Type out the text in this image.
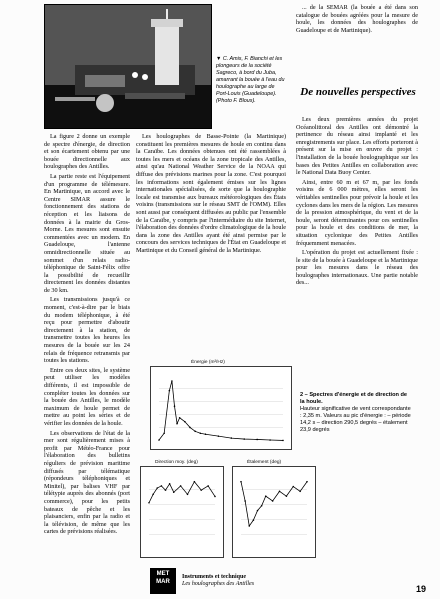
▼ C. Amis, F. Bianchi et les plongeurs de la société Sagreco, à bord du Juba, amarrant la bouée à l'eau du houlographe au large de Port-Louis (Guadeloupe). (Photo F. Blous).

La figure 2 donne un exemple de spectre d'énergie, de direction et son écartement obtenu par une bouée directionnelle aux houlographes des Antilles.

La partie reste est l'équipement d'un programme de télémesure. En Martinique, un accord avec le Centre SIMAR assure le fonctionnement des stations de réception et les liaisons de données à la mairie du Gros-Morne. Les mesures sont ensuite commentées avec un modem. En Guadeloupe, l'antenne omnidirectionnelle située au sommet d'un relais radio-téléphonique de Saint-Félix offre la possibilité de recueillir directement les données distantes de 30 km.

Les transmissions jusqu'à ce moment, c'est-à-dire par le biais du modem téléphonique, à été reçu pour permettre d'aboutir directement à la station, de transmettre toutes les heures les mesures de la bouée sur les 24 relais de fréquence retransmis par toutes les stations.

Entre ces deux sites, le système peut utiliser les modèles différents, il est impossible de compléter toutes les données sur la bouée des Antilles, le modèle maximum de houle permet de mettre au point les séries et de vérifier les données de la houle.

Les observations de l'état de la mer sont régulièrement mises à profit par Météo-France pour l'élaboration des bulletins réguliers de prévision maritime diffusés par télématique (répondeurs téléphoniques et Minitel), par balises VHF par télétypie auprès des abonnés (port commerce), pour les petits bateaux de pêche et les plaisanciers, enfin par la radio et la télévision, de même que les cartes de prévisions réalisées.

Les houlographes de Basse-Pointe (la Martinique) constituent les premières mesures de houle en continu dans la Caraïbe. Les données obtenues ont été rassemblées à toutes les mers et océans de la zone tropicale des Antilles, ainsi qu'au National Weather Service de la NOAA qui diffuse des prévisions marines pour la zone. C'est pourquoi les informations sont également émises sur les lignes internationales spécialisées, de sorte que la houlographie locale est transmise aux bureaux météorologiques des États voisins (transmissions sur le réseau SMT de l'OMM). Elles sont aussi par conséquent diffusées au public par l'ensemble de la Caraïbe, y compris par l'intermédiaire du site Internet, l'élaboration des données d'ordre climatologique de la houle dans la zone des Antilles ayant été ainsi permise par le concours des services techniques de l'État en Guadeloupe et Martinique et du Conseil général de la Martinique.

... de la SEMAR (la bouée a été dans son catalogue de bouées agréées pour la mesure de houle, les données des houlographes de Guadeloupe et de Martinique).

De nouvelles perspectives

Les deux premières années du projet Océanolittoral des Antilles ont démontré la pertinence du réseau ainsi implanté et les enregistrements sur place. Les efforts porteront à présent sur la mise en œuvre du projet : l'installation de la bouée houlographique sur les bases des Petites Antilles en collaboration avec le National Data Buoy Center.

Ainsi, entre 60 m et 67 m, par les fonds voisins de 6 000 mètres, elles seront les véritables sentinelles pour prévoir la houle et les cyclones dans les mers de la région. Les mesures de la pression atmosphérique, du vent et de la houle, seront déterminantes pour ces sentinelles pour la houle et des conditions de mer, la situation cyclonique des Petites Antilles fréquemment menacées.

L'opération du projet est actuellement fixée : le site de la bouée à Guadeloupe et la Martinique pour les mesures dans le réseau des houlographes internationaux. Une partie notable des...

Énergie (m²/Hz)
Direction moy. (deg)	Étalement (deg)
2 – Spectres d'énergie et de direction de la houle.
Hauteur significative de vent correspondante : 2,35 m. Valeurs au pic d'énergie : – période 14,2 s – direction 290,5 degrés – étalement 23,9 degrés
MET MAR
Instruments et technique
Les houlographes des Antilles	19
